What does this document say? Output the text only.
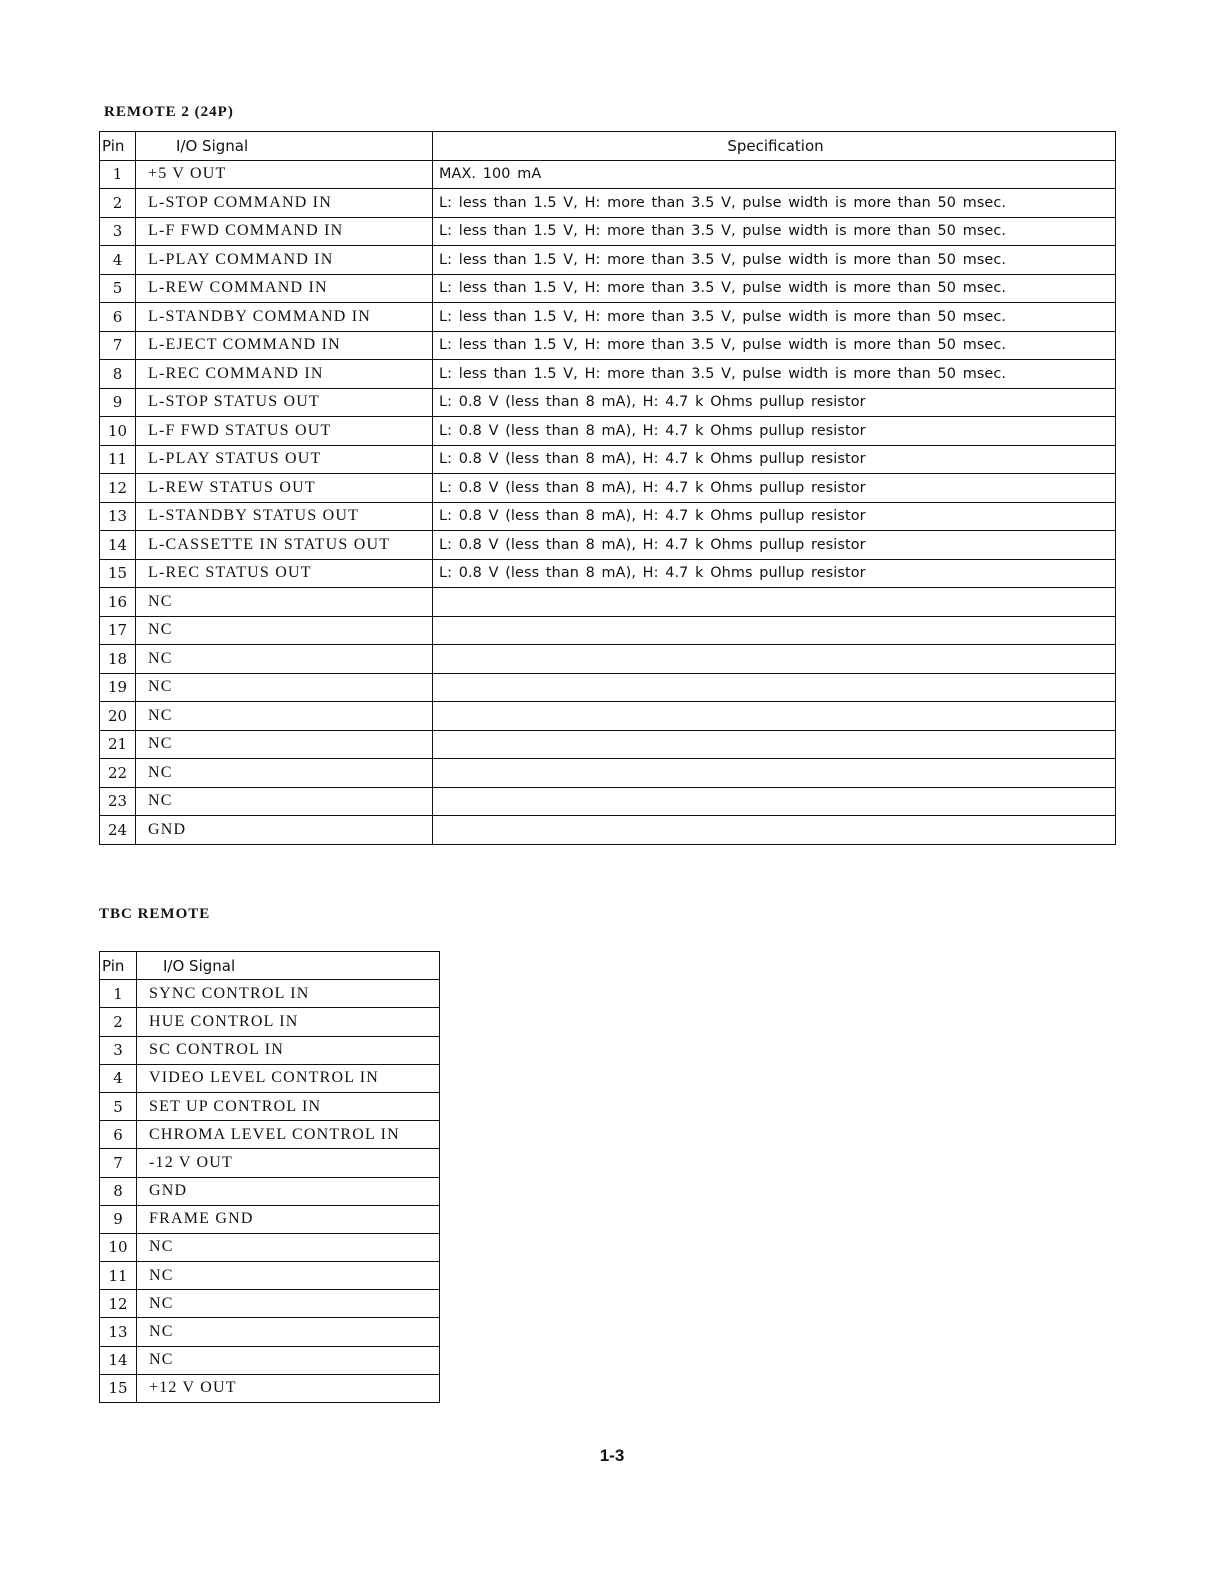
REMOTE 2 (24P)
Pin	I/O Signal	Specification
1	+5 V OUT	MAX. 100 mA
2	L-STOP COMMAND IN	L: less than 1.5 V, H: more than 3.5 V, pulse width is more than 50 msec.
3	L-F FWD COMMAND IN	L: less than 1.5 V, H: more than 3.5 V, pulse width is more than 50 msec.
4	L-PLAY COMMAND IN	L: less than 1.5 V, H: more than 3.5 V, pulse width is more than 50 msec.
5	L-REW COMMAND IN	L: less than 1.5 V, H: more than 3.5 V, pulse width is more than 50 msec.
6	L-STANDBY COMMAND IN	L: less than 1.5 V, H: more than 3.5 V, pulse width is more than 50 msec.
7	L-EJECT COMMAND IN	L: less than 1.5 V, H: more than 3.5 V, pulse width is more than 50 msec.
8	L-REC COMMAND IN	L: less than 1.5 V, H: more than 3.5 V, pulse width is more than 50 msec.
9	L-STOP STATUS OUT	L: 0.8 V (less than 8 mA), H: 4.7 k Ohms pullup resistor
10	L-F FWD STATUS OUT	L: 0.8 V (less than 8 mA), H: 4.7 k Ohms pullup resistor
11	L-PLAY STATUS OUT	L: 0.8 V (less than 8 mA), H: 4.7 k Ohms pullup resistor
12	L-REW STATUS OUT	L: 0.8 V (less than 8 mA), H: 4.7 k Ohms pullup resistor
13	L-STANDBY STATUS OUT	L: 0.8 V (less than 8 mA), H: 4.7 k Ohms pullup resistor
14	L-CASSETTE IN STATUS OUT	L: 0.8 V (less than 8 mA), H: 4.7 k Ohms pullup resistor
15	L-REC STATUS OUT	L: 0.8 V (less than 8 mA), H: 4.7 k Ohms pullup resistor
16	NC	
17	NC	
18	NC	
19	NC	
20	NC	
21	NC	
22	NC	
23	NC	
24	GND	
TBC REMOTE
Pin	I/O Signal
1	SYNC CONTROL IN
2	HUE CONTROL IN
3	SC CONTROL IN
4	VIDEO LEVEL CONTROL IN
5	SET UP CONTROL IN
6	CHROMA LEVEL CONTROL IN
7	-12 V OUT
8	GND
9	FRAME GND
10	NC
11	NC
12	NC
13	NC
14	NC
15	+12 V OUT
1-3
